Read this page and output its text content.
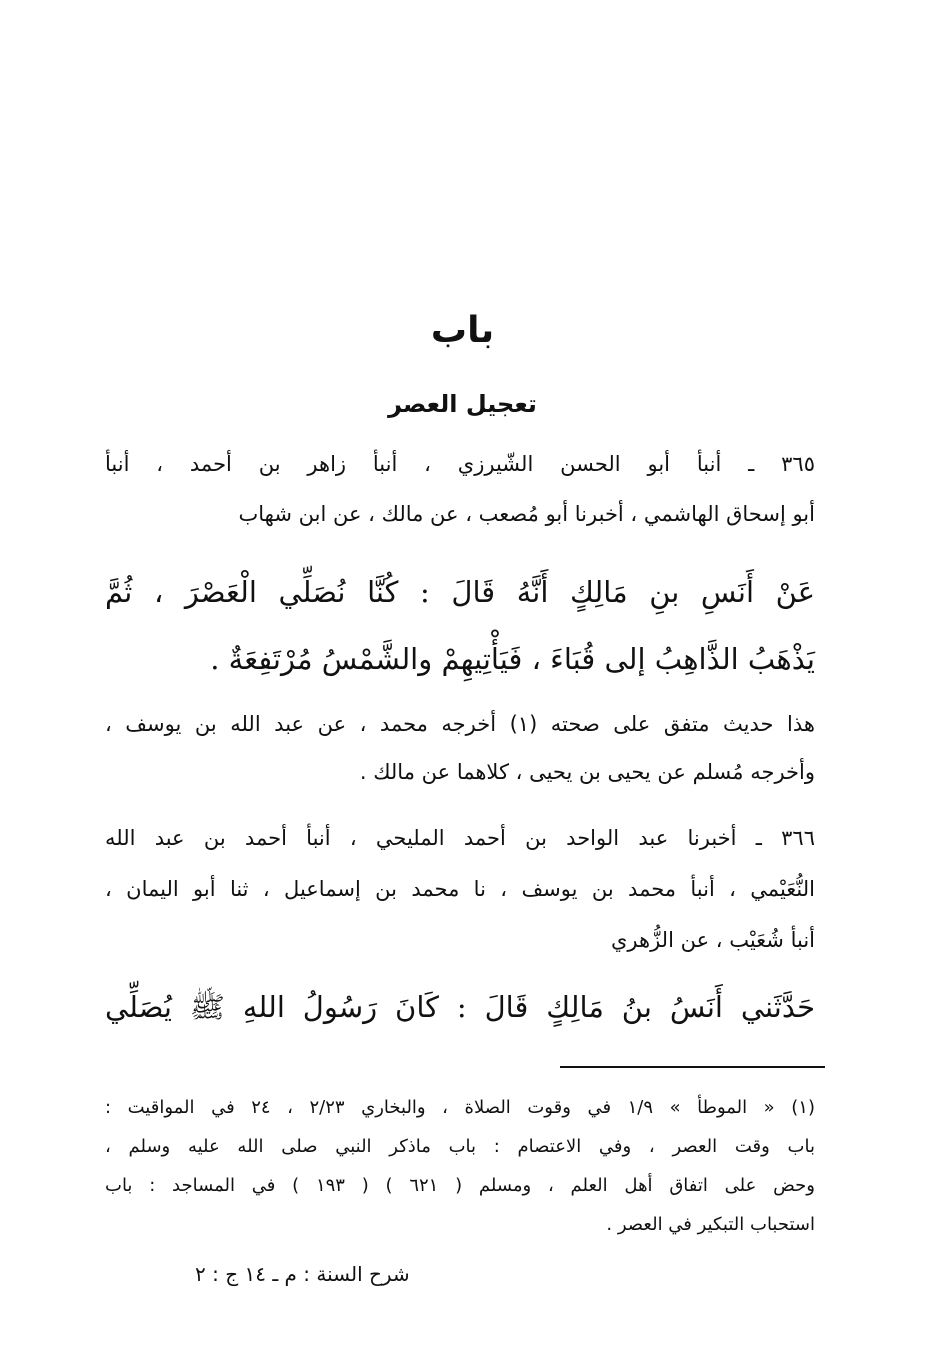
باب
تعجيل العصر
٣٦٥ ـ أنبأ أبو الحسن الشّيرزي ، أنبأ زاهر بن أحمد ، أنبأ
أبو إسحاق الهاشمي ، أخبرنا أبو مُصعب ، عن مالك ، عن ابن شهاب
عَنْ أَنَسِ بنِ مَالِكٍ أَنَّهُ قَالَ : كُنَّا نُصَلِّي الْعَصْرَ ، ثُمَّ
يَذْهَبُ الذَّاهِبُ إلى قُبَاءَ ، فَيَأْتِيهِمْ والشَّمْسُ مُرْتَفِعَةٌ .
هذا حديث متفق على صحته (١) أخرجه محمد ، عن عبد الله بن يوسف ،
وأخرجه مُسلم عن يحيى بن يحيى ، كلاهما عن مالك .
٣٦٦ ـ أخبرنا عبد الواحد بن أحمد المليحي ، أنبأ أحمد بن عبد الله
النُّعَيْمي ، أنبأ محمد بن يوسف ، نا محمد بن إسماعيل ، ثنا أبو اليمان ،
أنبأ شُعَيْب ، عن الزُّهري
حَدَّثَني أَنَسُ بنُ مَالِكٍ قَالَ : كَانَ رَسُولُ اللهِ ﷺ يُصَلِّي
(١) « الموطأ » ١/٩ في وقوت الصلاة ، والبخاري ٢/٢٣ ، ٢٤ في المواقيت :
باب وقت العصر ، وفي الاعتصام : باب ماذكر النبي صلى الله عليه وسلم ،
وحض على اتفاق أهل العلم ، ومسلم ( ٦٢١ ) ( ١٩٣ ) في المساجد : باب
استحباب التبكير في العصر .
شرح السنة : م ـ ١٤ ج : ٢
